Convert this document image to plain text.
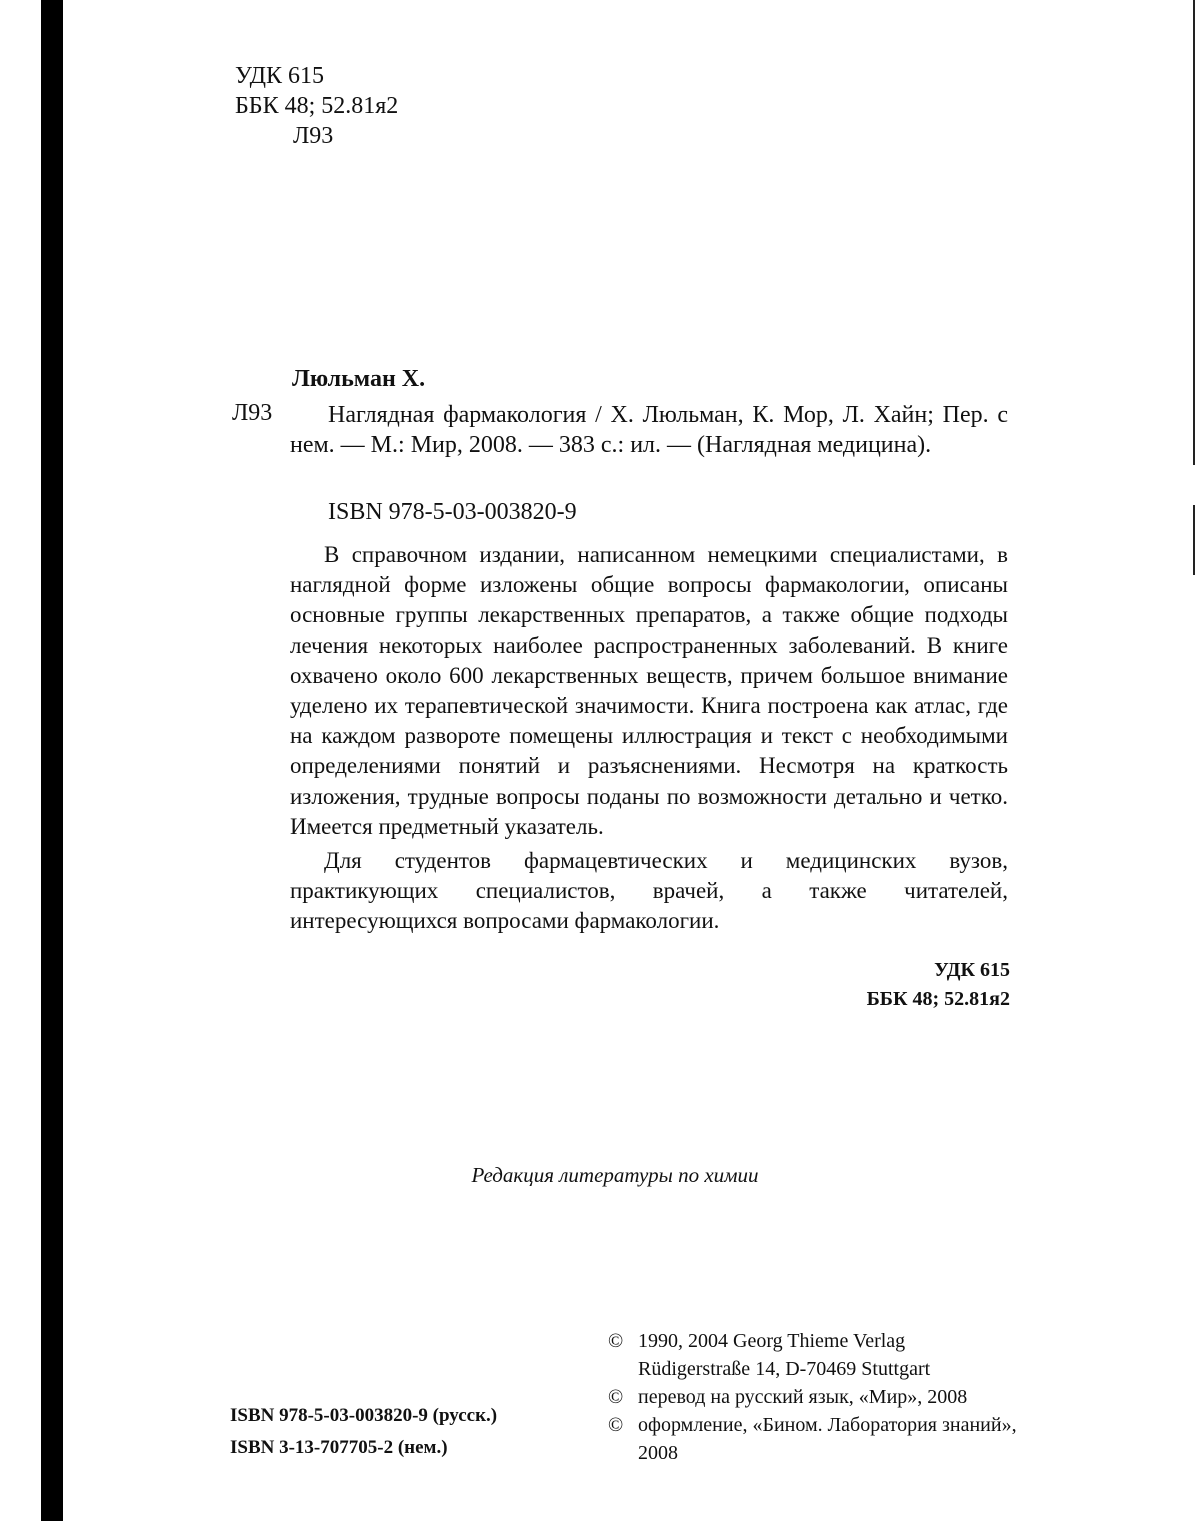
УДК 615
ББК 48; 52.81я2
Л93
Люльман Х.
Л93	Наглядная фармакология / Х. Люльман, К. Мор, Л. Хайн; Пер. с нем. — М.: Мир, 2008. — 383 с.: ил. — (Наглядная медицина).
ISBN 978-5-03-003820-9

В справочном издании, написанном немецкими специалистами, в наглядной форме изложены общие вопросы фармакологии, описаны основные группы лекарственных препаратов, а также общие подходы лечения некоторых наиболее распространенных заболеваний. В книге охвачено около 600 лекарственных веществ, причем большое внимание уделено их терапевтической значимости. Книга построена как атлас, где на каждом развороте помещены иллюстрация и текст с необходимыми определениями понятий и разъяснениями. Несмотря на краткость изложения, трудные вопросы поданы по возможности детально и четко. Имеется предметный указатель.

Для студентов фармацевтических и медицинских вузов, практикующих специалистов, врачей, а также читателей, интересующихся вопросами фармакологии.

УДК 615
ББК 48; 52.81я2
Редакция литературы по химии
ISBN 978-5-03-003820-9 (русск.)
ISBN 3-13-707705-2 (нем.)
© 1990, 2004 Georg Thieme Verlag
Rüdigerstraße 14, D-70469 Stuttgart
© перевод на русский язык, «Мир», 2008
© оформление, «Бином. Лаборатория знаний», 2008
